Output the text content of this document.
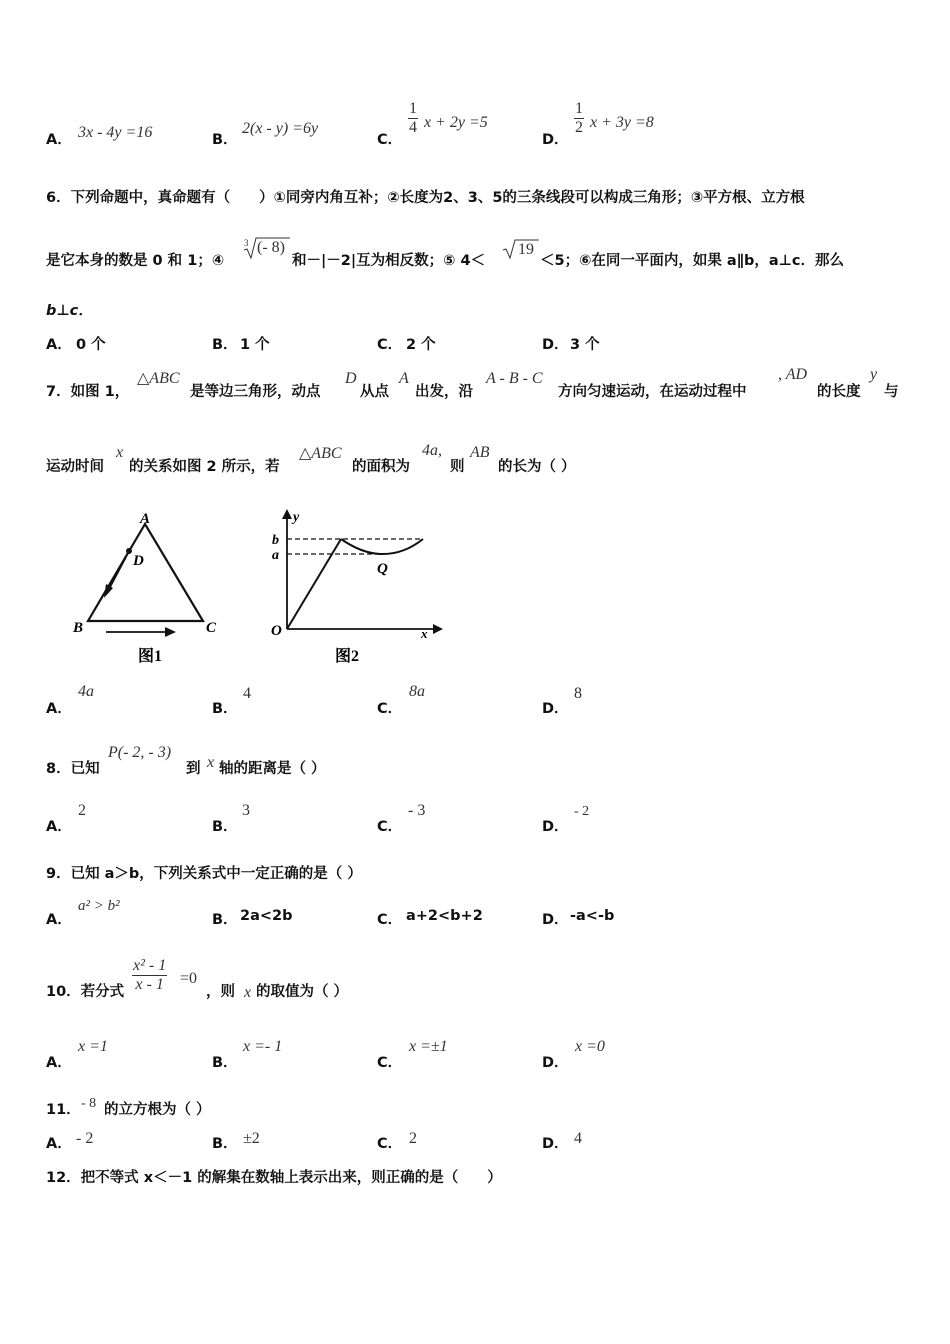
A． 3x - 4y =16	B．
2(x - y) =6y
C．
$\frac{1}{4}$ x + 2y =5
D．
$\frac{1}{2}$ x + 3y =8
6．下列命题中，真命题有（　　）①同旁内角互补；②长度为2、3、5的三条线段可以构成三角形；③平方根、立方根
是它本身的数是 0 和 1；④
3 (- 8)
和－|－2|互为相反数；⑤ 4＜
19
＜5；⑥在同一平面内，如果 a∥b，a⊥c．那么
b⊥c．
A． 0 个	B． 1 个	C． 2 个	D． 3 个
7．如图 1，
△ABC
是等边三角形，动点
D
从点
A
出发，沿
A - B - C
方向匀速运动，在运动过程中
, AD
的长度
y
与
运动时间
x
的关系如图 2 所示，若
△ABC
的面积为
4a,
则
AB
的长为（ ）
A
D
B	C
图1
y
b
a
Q
O	x
图2
A．
4a
B．
4
C．
8a
D．
8
8．已知
P(- 2, - 3)
到 x 轴的距离是（ ）
A．
2
B．
3
C．
- 3
D．
- 2
9．已知 a＞b，下列关系式中一定正确的是（ ）
A．
a² > b²
B． 2a<2b	C． a+2<b+2	D． -a<-b
10．若分式 $\frac{\text{x² - 1}}{x - 1} =0$
，则 x 的取值为（ ）
A．
x =1
B．
x =- 1
C．
x =±1
D．
x =0
11． - 8 的立方根为（ ）
A． - 2	B． ±2	C． 2	D． 4
12．把不等式 x＜－1 的解集在数轴上表示出来，则正确的是（　　）
